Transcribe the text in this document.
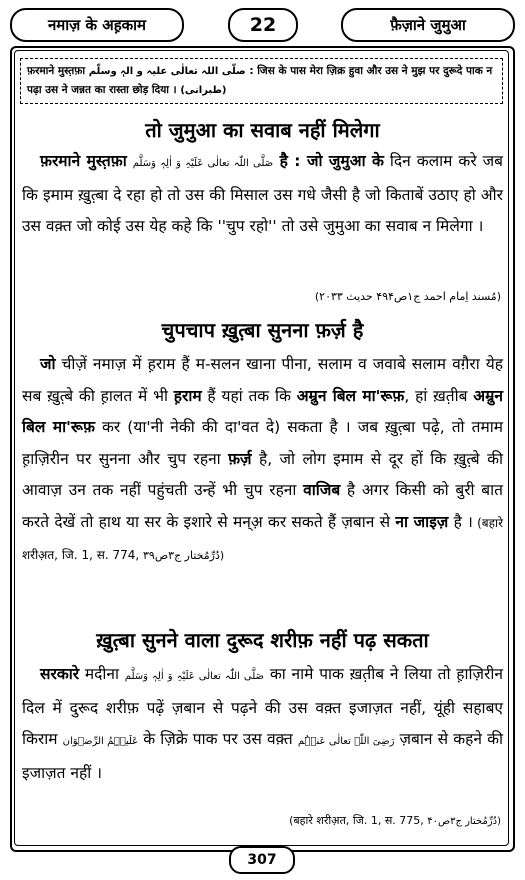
नमाज़ के अह़काम	22	फ़ैज़ाने जुमुआ
फ़रमाने मुस्त़फ़ा صلّی اللہ تعالٰی علیہ و الہٖ وسلّم : जिस के पास मेरा ज़िक्र हुवा और उस ने मुझ पर दुरूदे पाक न पढ़ा उस ने जन्नत का रास्ता छोड़ दिया । (طبرانی)
तो जुमुआ का सवाब नहीं मिलेगा
फ़रमाने मुस्त़फ़ा صَلَّی اللّٰہ تعالٰی عَلَیْہِ وَ اٰلِہٖ وَسَلَّم है : जो जुमुआ के दिन कलाम करे जब कि इमाम ख़ुत़्बा दे रहा हो तो उस की मिसाल उस गधे जैसी है जो किताबें उठाए हो और उस वक़्त जो कोई उस येह कहे कि ''चुप रहो'' तो उसे जुमुआ का सवाब न मिलेगा ।
(مُسند اِمام احمد ج۱ص۴۹۴ حدیث ۲۰۳۳)
चुपचाप ख़ुत़्बा सुनना फ़र्ज़ है
जो चीज़ें नमाज़ में ह़राम हैं म-सलन खाना पीना, सलाम व जवाबे सलाम वग़ैरा येह सब ख़ुत़्बे की ह़ालत में भी ह़राम हैं यहां तक कि अम्रुन बिल मा'रूफ़, हां ख़त़ीब अम्रुन बिल मा'रूफ़ कर (या'नी नेकी की दा'वत दे) सकता है । जब ख़ुत़्बा पढ़े, तो तमाम ह़ाज़िरीन पर सुनना और चुप रहना फ़र्ज़ है, जो लोग इमाम से दूर हों कि ख़ुत़्बे की आवाज़ उन तक नहीं पहुंचती उन्हें भी चुप रहना वाजिब है अगर किसी को बुरी बात करते देखें तो हाथ या सर के इशारे से मन्अ़ कर सकते हैं ज़बान से ना जाइज़ है । (बहारे शरीअ़त, जि. 1, स. 774, دُرِّمُختار ج۳ص۳۹)
ख़ुत़्बा सुनने वाला दुरूद शरीफ़ नहीं पढ़ सकता
सरकारे मदीना صَلَّی اللّٰہ تعالٰی عَلَیْہِ وَ اٰلِہٖ وَسَلَّم का नामे पाक ख़त़ीब ने लिया तो ह़ाज़िरीन दिल में दुरूद शरीफ़ पढ़ें ज़बान से पढ़ने की उस वक़्त इजाज़त नहीं, यूंही सहाबए किराम عَلَیۡہِمُ الرِّضۡوَان के ज़िक्रे पाक पर उस वक़्त رَضِیَ اللّٰہ تعالٰی عَنۡہُم ज़बान से कहने की इजाज़त नहीं ।
(बहारे शरीअ़त, जि. 1, स. 775, دُرِّمُختار ج۳ص۴۰)
307
